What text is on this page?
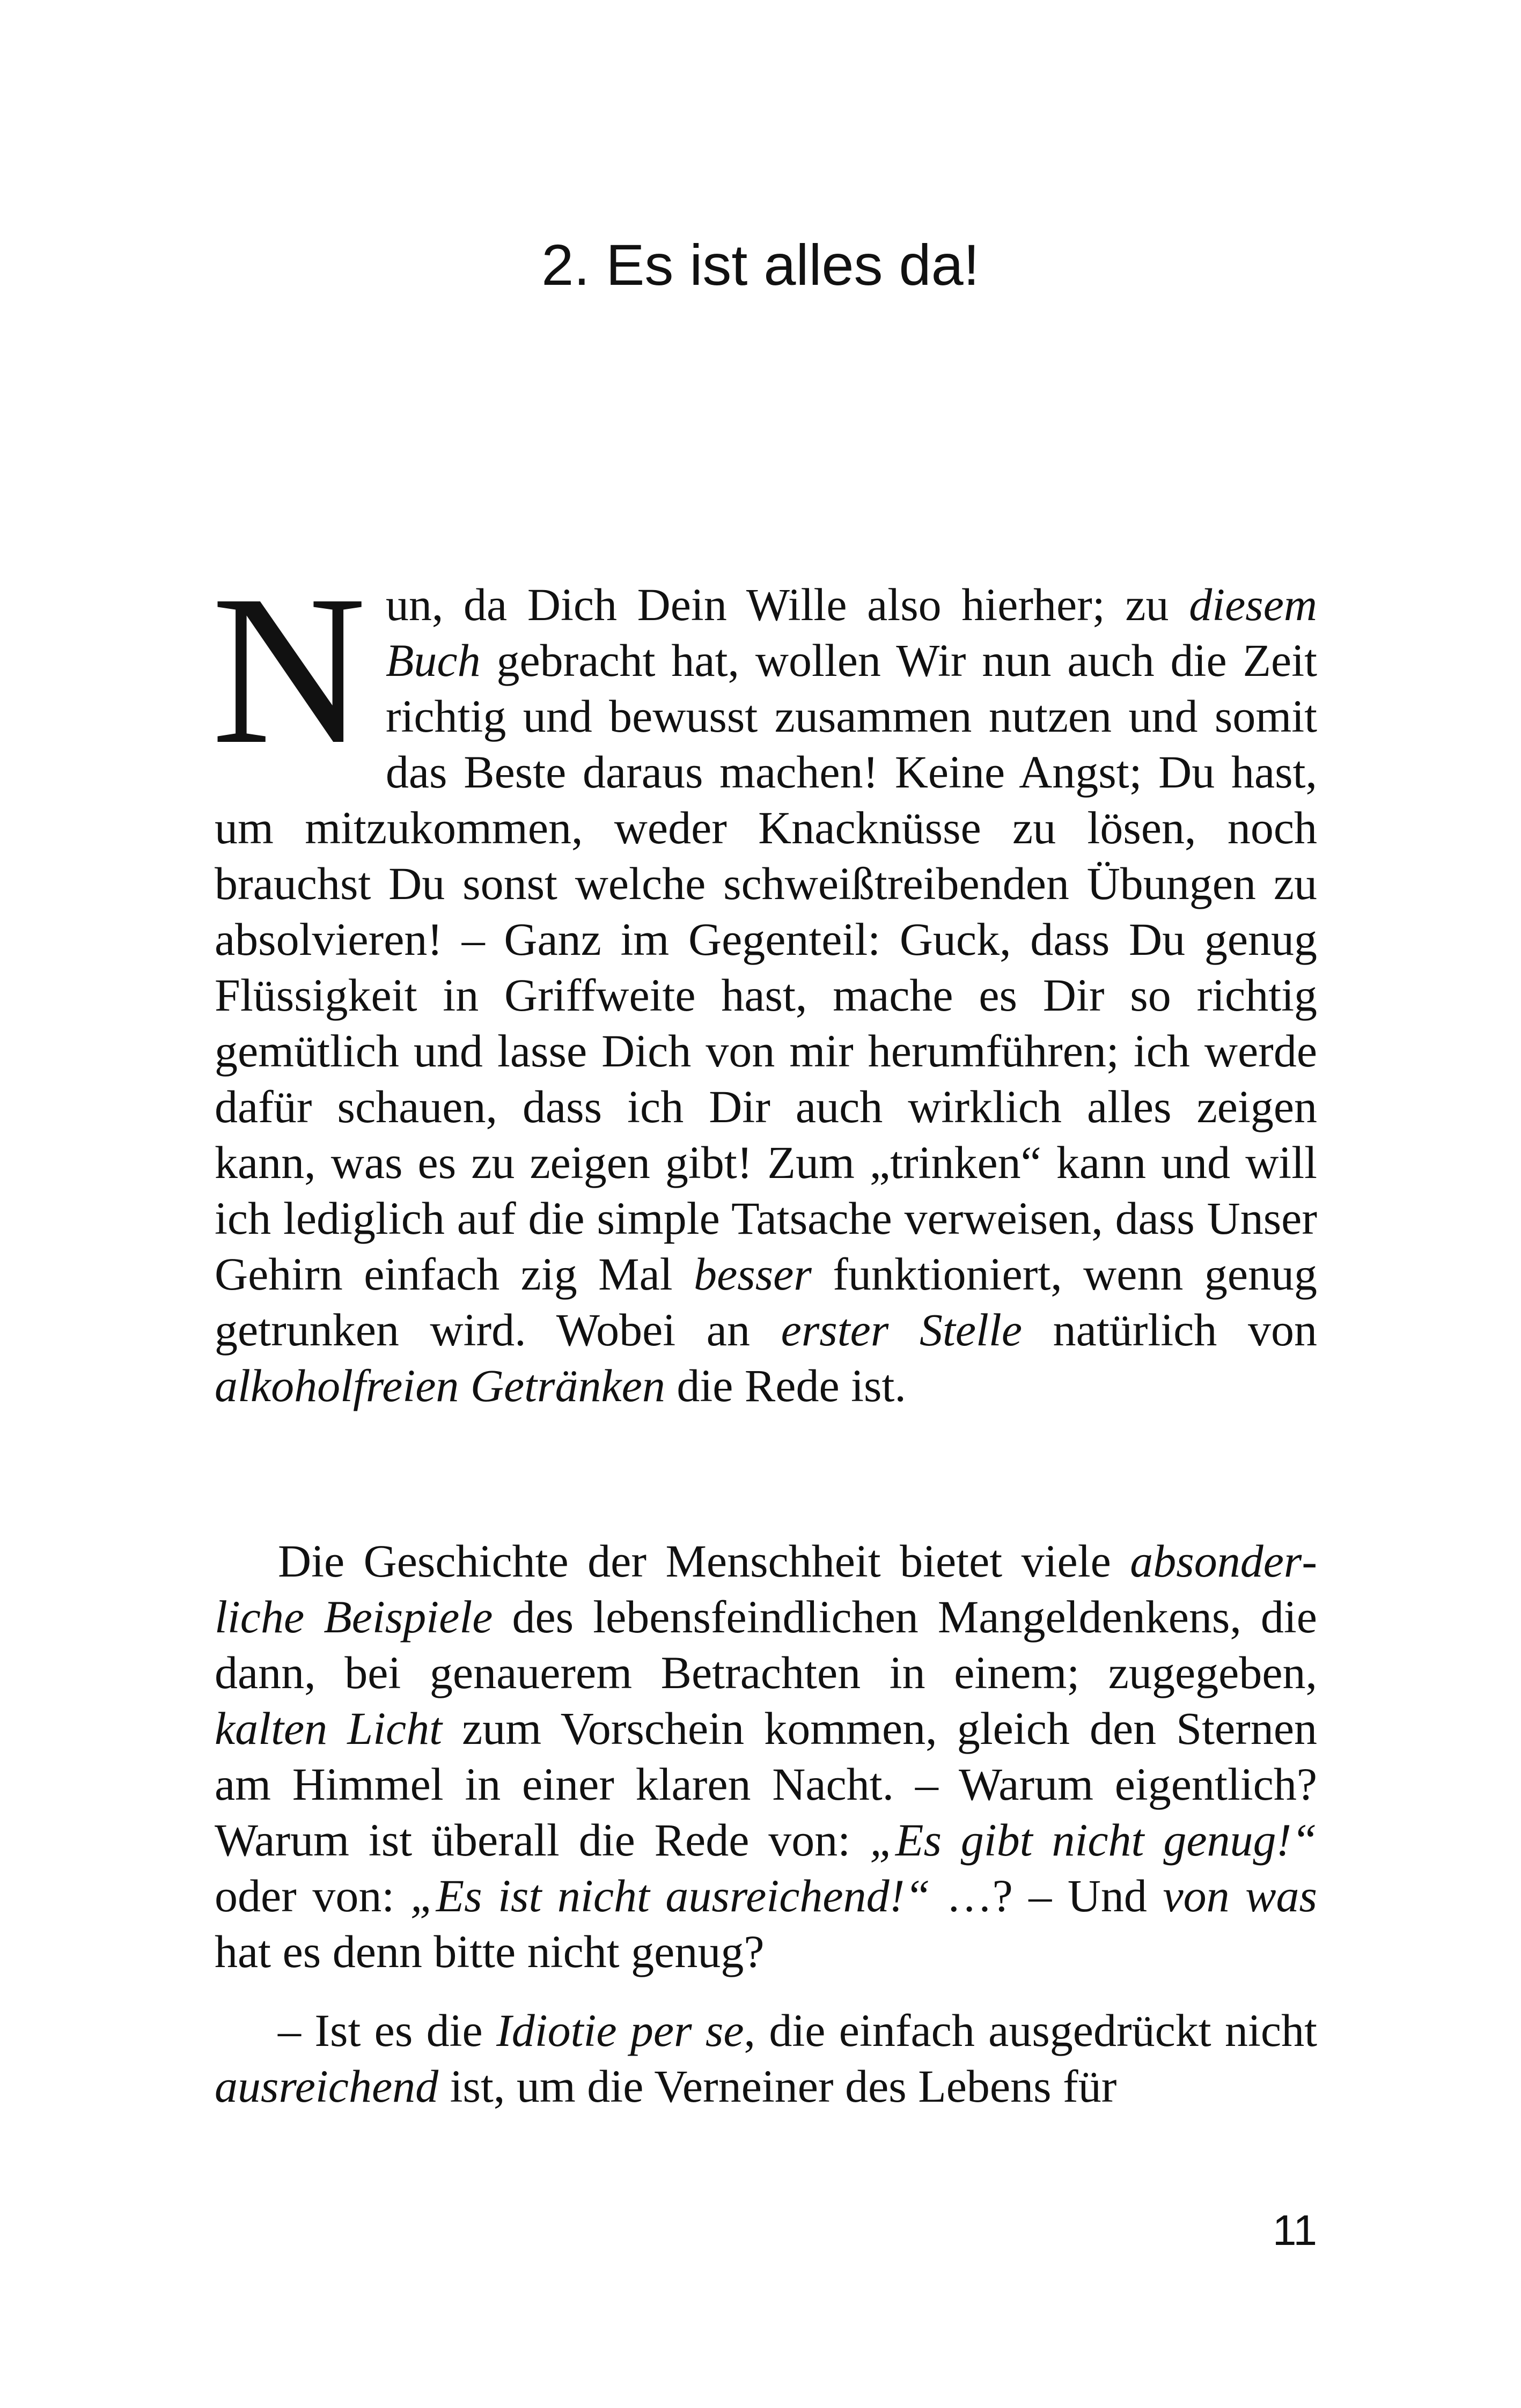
2. Es ist alles da!

Nun, da Dich Dein Wille also hierher; zu diesem Buch gebracht hat, wollen Wir nun auch die Zeit richtig und bewusst zusammen nutzen und somit das Beste daraus machen! Keine Angst; Du hast, um mitzukommen, weder Knacknüsse zu lösen, noch brauchst Du sonst welche schweißtreibenden Übungen zu absolvieren! – Ganz im Gegenteil: Guck, dass Du genug Flüssigkeit in Griffweite hast, mache es Dir so richtig gemütlich und lasse Dich von mir herumführen; ich werde dafür schauen, dass ich Dir auch wirklich alles zeigen kann, was es zu zeigen gibt! Zum „trinken“ kann und will ich lediglich auf die simple Tatsache verweisen, dass Unser Gehirn einfach zig Mal besser funktioniert, wenn genug getrunken wird. Wobei an erster Stelle natürlich von alkoholfreien Getränken die Rede ist.

Die Geschichte der Menschheit bietet viele absonderliche Beispiele des lebensfeindlichen Mangeldenkens, die dann, bei genauerem Betrachten in einem; zugegeben, kalten Licht zum Vorschein kommen, gleich den Sternen am Himmel in einer klaren Nacht. – Warum eigentlich? Warum ist überall die Rede von: „Es gibt nicht genug!“ oder von: „Es ist nicht ausreichend!“ …? – Und von was hat es denn bitte nicht genug?

– Ist es die Idiotie per se, die einfach ausgedrückt nicht ausreichend ist, um die Verneiner des Lebens für

11
